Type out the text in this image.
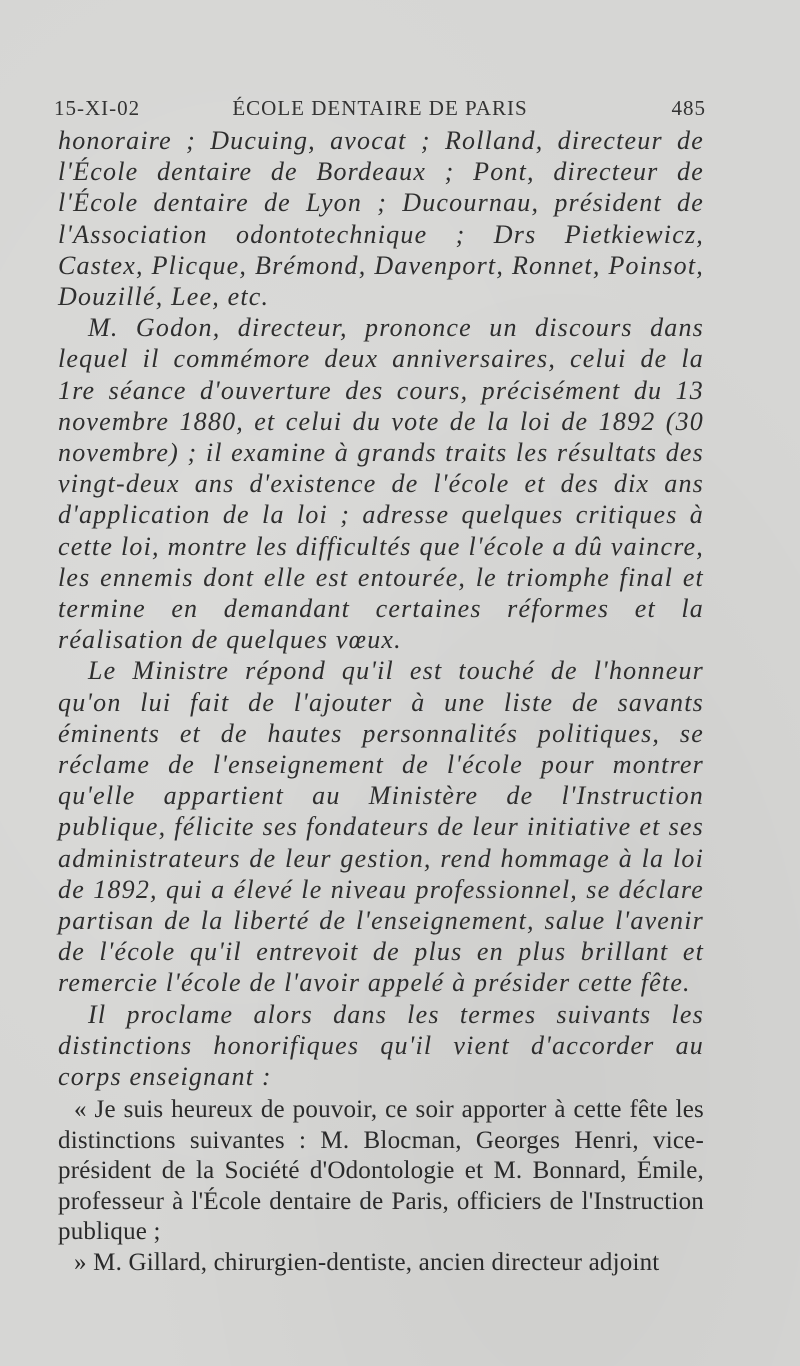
15-XI-02	ÉCOLE DENTAIRE DE PARIS	485

honoraire ; Ducuing, avocat ; Rolland, directeur de l'École dentaire de Bordeaux ; Pont, directeur de l'École dentaire de Lyon ; Ducournau, président de l'Association odontotechnique ; Drs Pietkiewicz, Castex, Plicque, Brémond, Davenport, Ronnet, Poinsot, Douzillé, Lee, etc.

M. Godon, directeur, prononce un discours dans lequel il commémore deux anniversaires, celui de la 1re séance d'ouverture des cours, précisément du 13 novembre 1880, et celui du vote de la loi de 1892 (30 novembre) ; il examine à grands traits les résultats des vingt-deux ans d'existence de l'école et des dix ans d'application de la loi ; adresse quelques critiques à cette loi, montre les difficultés que l'école a dû vaincre, les ennemis dont elle est entourée, le triomphe final et termine en demandant certaines réformes et la réalisation de quelques vœux.

Le Ministre répond qu'il est touché de l'honneur qu'on lui fait de l'ajouter à une liste de savants éminents et de hautes personnalités politiques, se réclame de l'enseignement de l'école pour montrer qu'elle appartient au Ministère de l'Instruction publique, félicite ses fondateurs de leur initiative et ses administrateurs de leur gestion, rend hommage à la loi de 1892, qui a élevé le niveau professionnel, se déclare partisan de la liberté de l'enseignement, salue l'avenir de l'école qu'il entrevoit de plus en plus brillant et remercie l'école de l'avoir appelé à présider cette fête.

Il proclame alors dans les termes suivants les distinctions honorifiques qu'il vient d'accorder au corps enseignant :

« Je suis heureux de pouvoir, ce soir apporter à cette fête les distinctions suivantes : M. Blocman, Georges Henri, vice-président de la Société d'Odontologie et M. Bonnard, Émile, professeur à l'École dentaire de Paris, officiers de l'Instruction publique ;

» M. Gillard, chirurgien-dentiste, ancien directeur adjoint
